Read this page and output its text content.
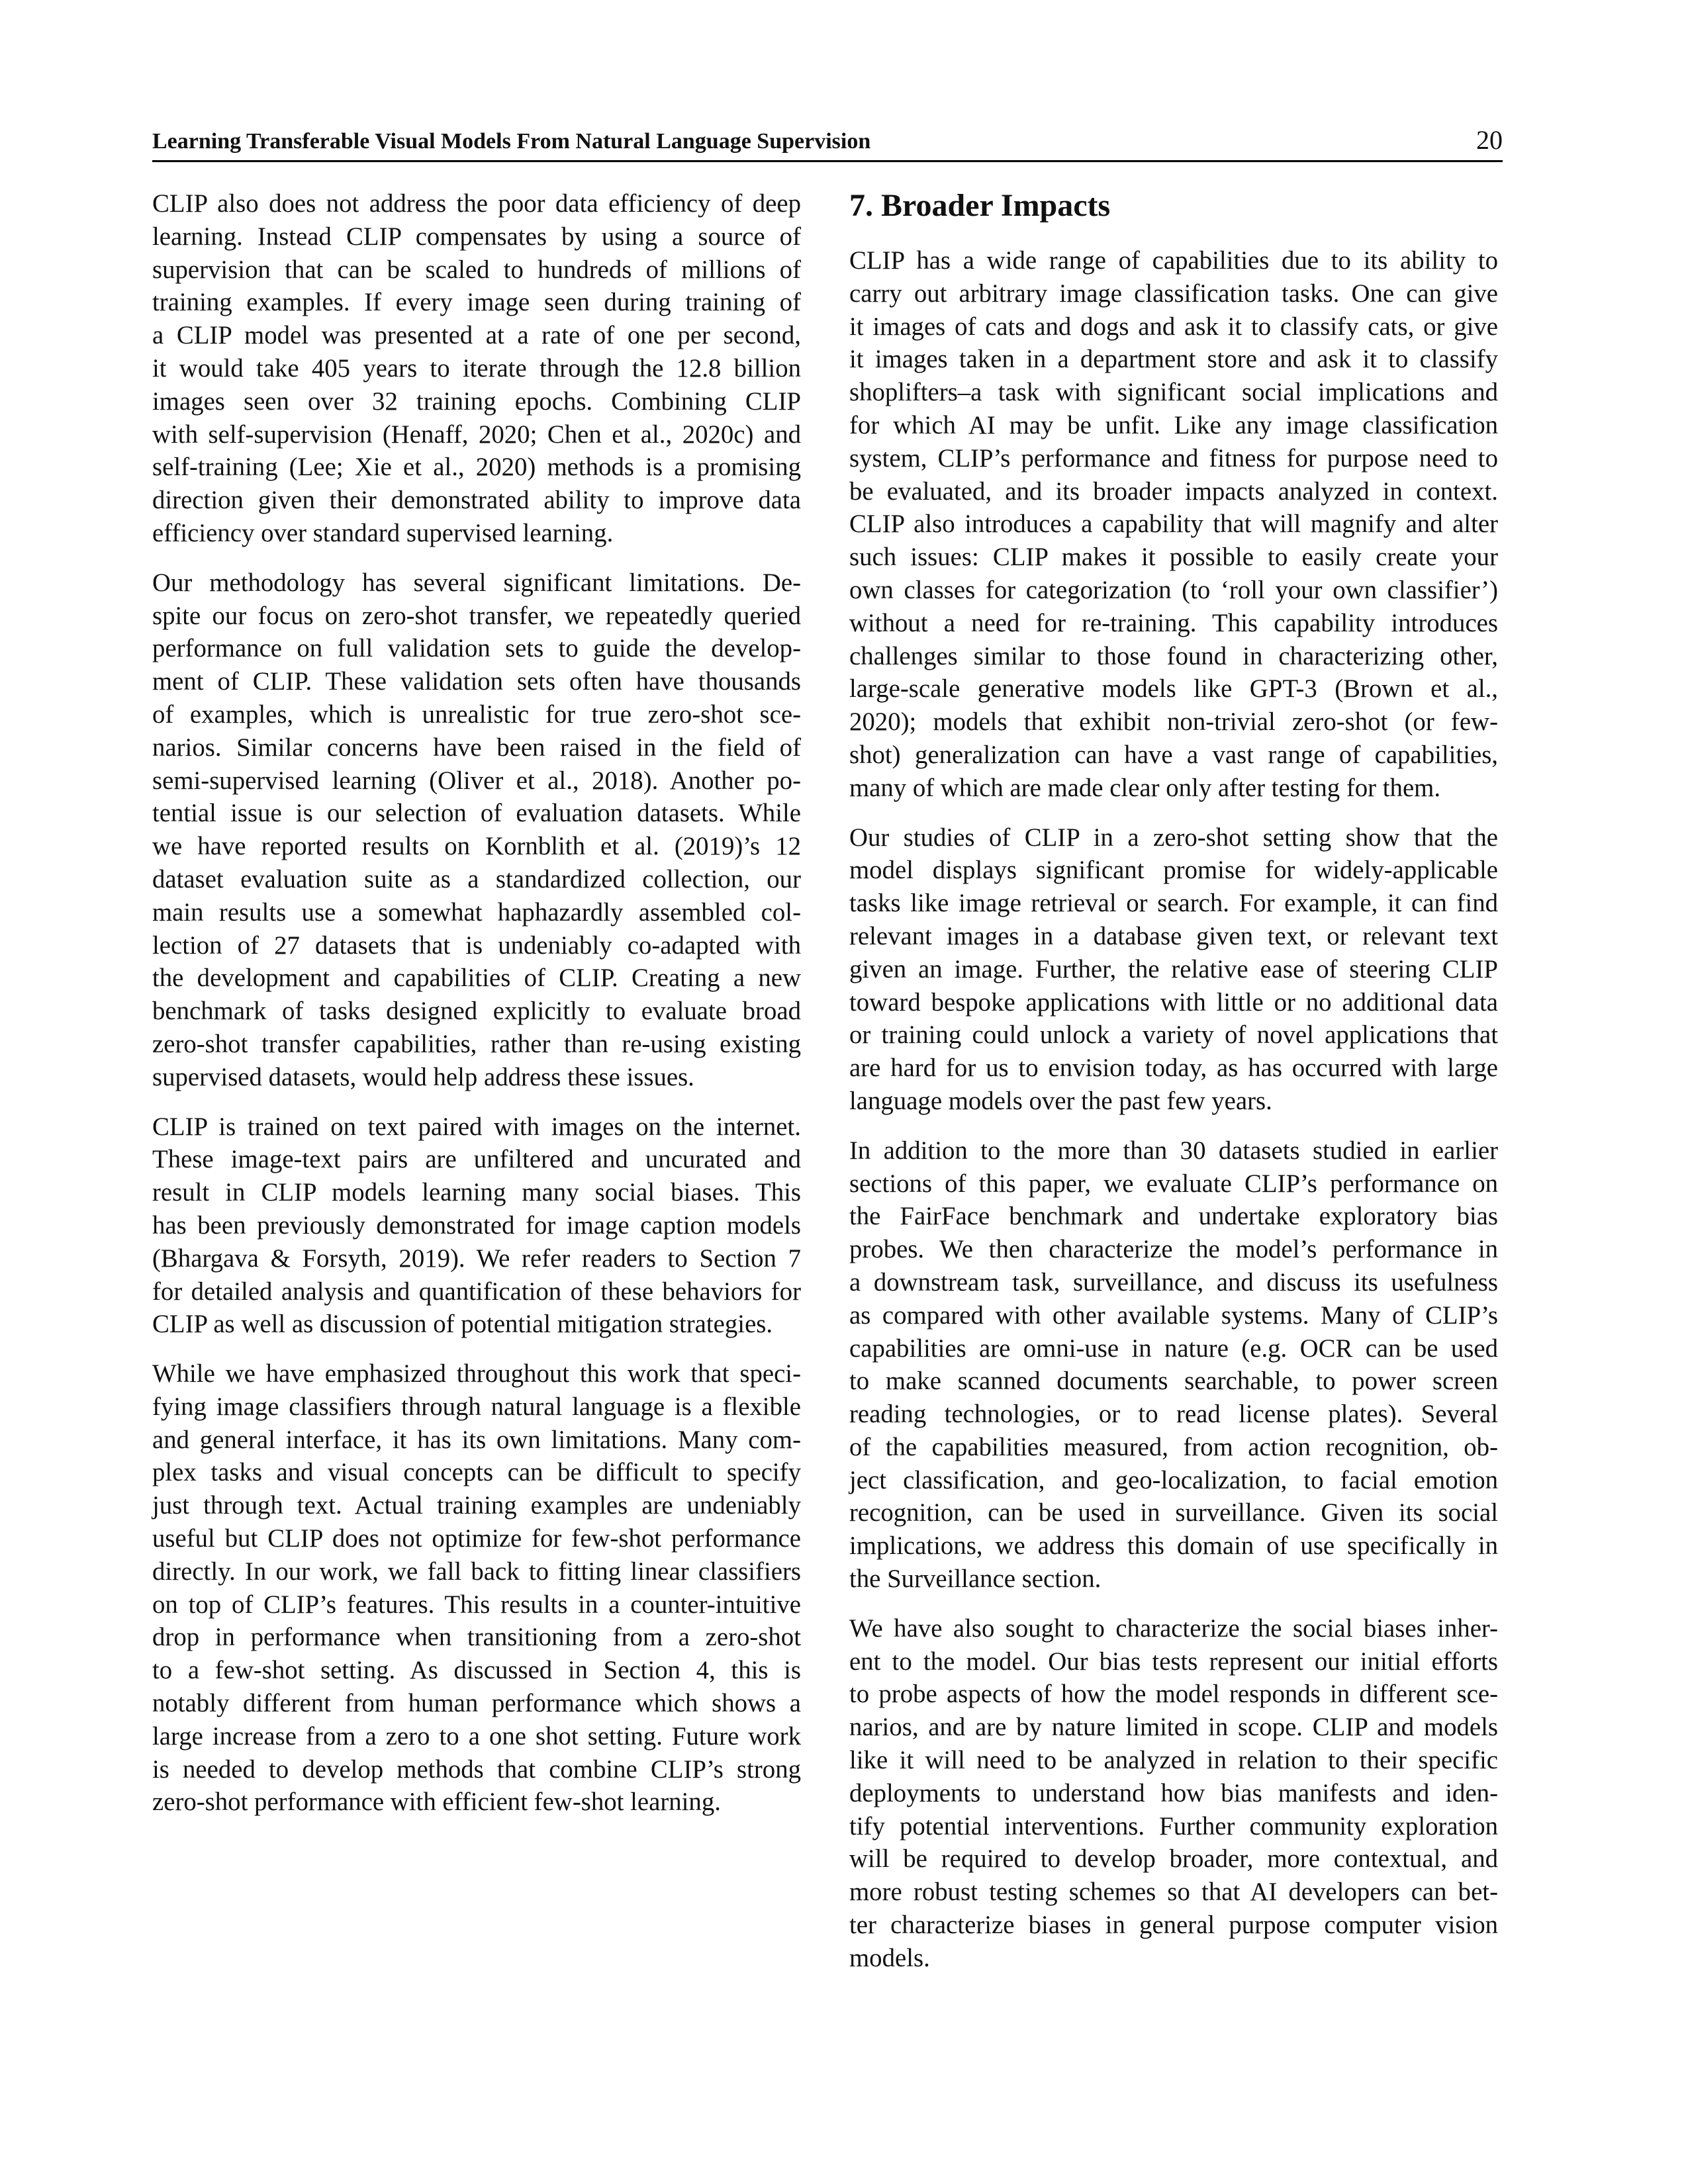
Learning Transferable Visual Models From Natural Language Supervision	20
CLIP also does not address the poor data efficiency of deep
learning. Instead CLIP compensates by using a source of
supervision that can be scaled to hundreds of millions of
training examples. If every image seen during training of
a CLIP model was presented at a rate of one per second,
it would take 405 years to iterate through the 12.8 billion
images seen over 32 training epochs. Combining CLIP
with self-supervision (Henaff, 2020; Chen et al., 2020c) and
self-training (Lee; Xie et al., 2020) methods is a promising
direction given their demonstrated ability to improve data
efficiency over standard supervised learning.
Our methodology has several significant limitations. De-
spite our focus on zero-shot transfer, we repeatedly queried
performance on full validation sets to guide the develop-
ment of CLIP. These validation sets often have thousands
of examples, which is unrealistic for true zero-shot sce-
narios. Similar concerns have been raised in the field of
semi-supervised learning (Oliver et al., 2018). Another po-
tential issue is our selection of evaluation datasets. While
we have reported results on Kornblith et al. (2019)’s 12
dataset evaluation suite as a standardized collection, our
main results use a somewhat haphazardly assembled col-
lection of 27 datasets that is undeniably co-adapted with
the development and capabilities of CLIP. Creating a new
benchmark of tasks designed explicitly to evaluate broad
zero-shot transfer capabilities, rather than re-using existing
supervised datasets, would help address these issues.
CLIP is trained on text paired with images on the internet.
These image-text pairs are unfiltered and uncurated and
result in CLIP models learning many social biases. This
has been previously demonstrated for image caption models
(Bhargava & Forsyth, 2019). We refer readers to Section 7
for detailed analysis and quantification of these behaviors for
CLIP as well as discussion of potential mitigation strategies.
While we have emphasized throughout this work that speci-
fying image classifiers through natural language is a flexible
and general interface, it has its own limitations. Many com-
plex tasks and visual concepts can be difficult to specify
just through text. Actual training examples are undeniably
useful but CLIP does not optimize for few-shot performance
directly. In our work, we fall back to fitting linear classifiers
on top of CLIP’s features. This results in a counter-intuitive
drop in performance when transitioning from a zero-shot
to a few-shot setting. As discussed in Section 4, this is
notably different from human performance which shows a
large increase from a zero to a one shot setting. Future work
is needed to develop methods that combine CLIP’s strong
zero-shot performance with efficient few-shot learning.
7. Broader Impacts
CLIP has a wide range of capabilities due to its ability to
carry out arbitrary image classification tasks. One can give
it images of cats and dogs and ask it to classify cats, or give
it images taken in a department store and ask it to classify
shoplifters–a task with significant social implications and
for which AI may be unfit. Like any image classification
system, CLIP’s performance and fitness for purpose need to
be evaluated, and its broader impacts analyzed in context.
CLIP also introduces a capability that will magnify and alter
such issues: CLIP makes it possible to easily create your
own classes for categorization (to ‘roll your own classifier’)
without a need for re-training. This capability introduces
challenges similar to those found in characterizing other,
large-scale generative models like GPT-3 (Brown et al.,
2020); models that exhibit non-trivial zero-shot (or few-
shot) generalization can have a vast range of capabilities,
many of which are made clear only after testing for them.
Our studies of CLIP in a zero-shot setting show that the
model displays significant promise for widely-applicable
tasks like image retrieval or search. For example, it can find
relevant images in a database given text, or relevant text
given an image. Further, the relative ease of steering CLIP
toward bespoke applications with little or no additional data
or training could unlock a variety of novel applications that
are hard for us to envision today, as has occurred with large
language models over the past few years.
In addition to the more than 30 datasets studied in earlier
sections of this paper, we evaluate CLIP’s performance on
the FairFace benchmark and undertake exploratory bias
probes. We then characterize the model’s performance in
a downstream task, surveillance, and discuss its usefulness
as compared with other available systems. Many of CLIP’s
capabilities are omni-use in nature (e.g. OCR can be used
to make scanned documents searchable, to power screen
reading technologies, or to read license plates). Several
of the capabilities measured, from action recognition, ob-
ject classification, and geo-localization, to facial emotion
recognition, can be used in surveillance. Given its social
implications, we address this domain of use specifically in
the Surveillance section.
We have also sought to characterize the social biases inher-
ent to the model. Our bias tests represent our initial efforts
to probe aspects of how the model responds in different sce-
narios, and are by nature limited in scope. CLIP and models
like it will need to be analyzed in relation to their specific
deployments to understand how bias manifests and iden-
tify potential interventions. Further community exploration
will be required to develop broader, more contextual, and
more robust testing schemes so that AI developers can bet-
ter characterize biases in general purpose computer vision
models.
